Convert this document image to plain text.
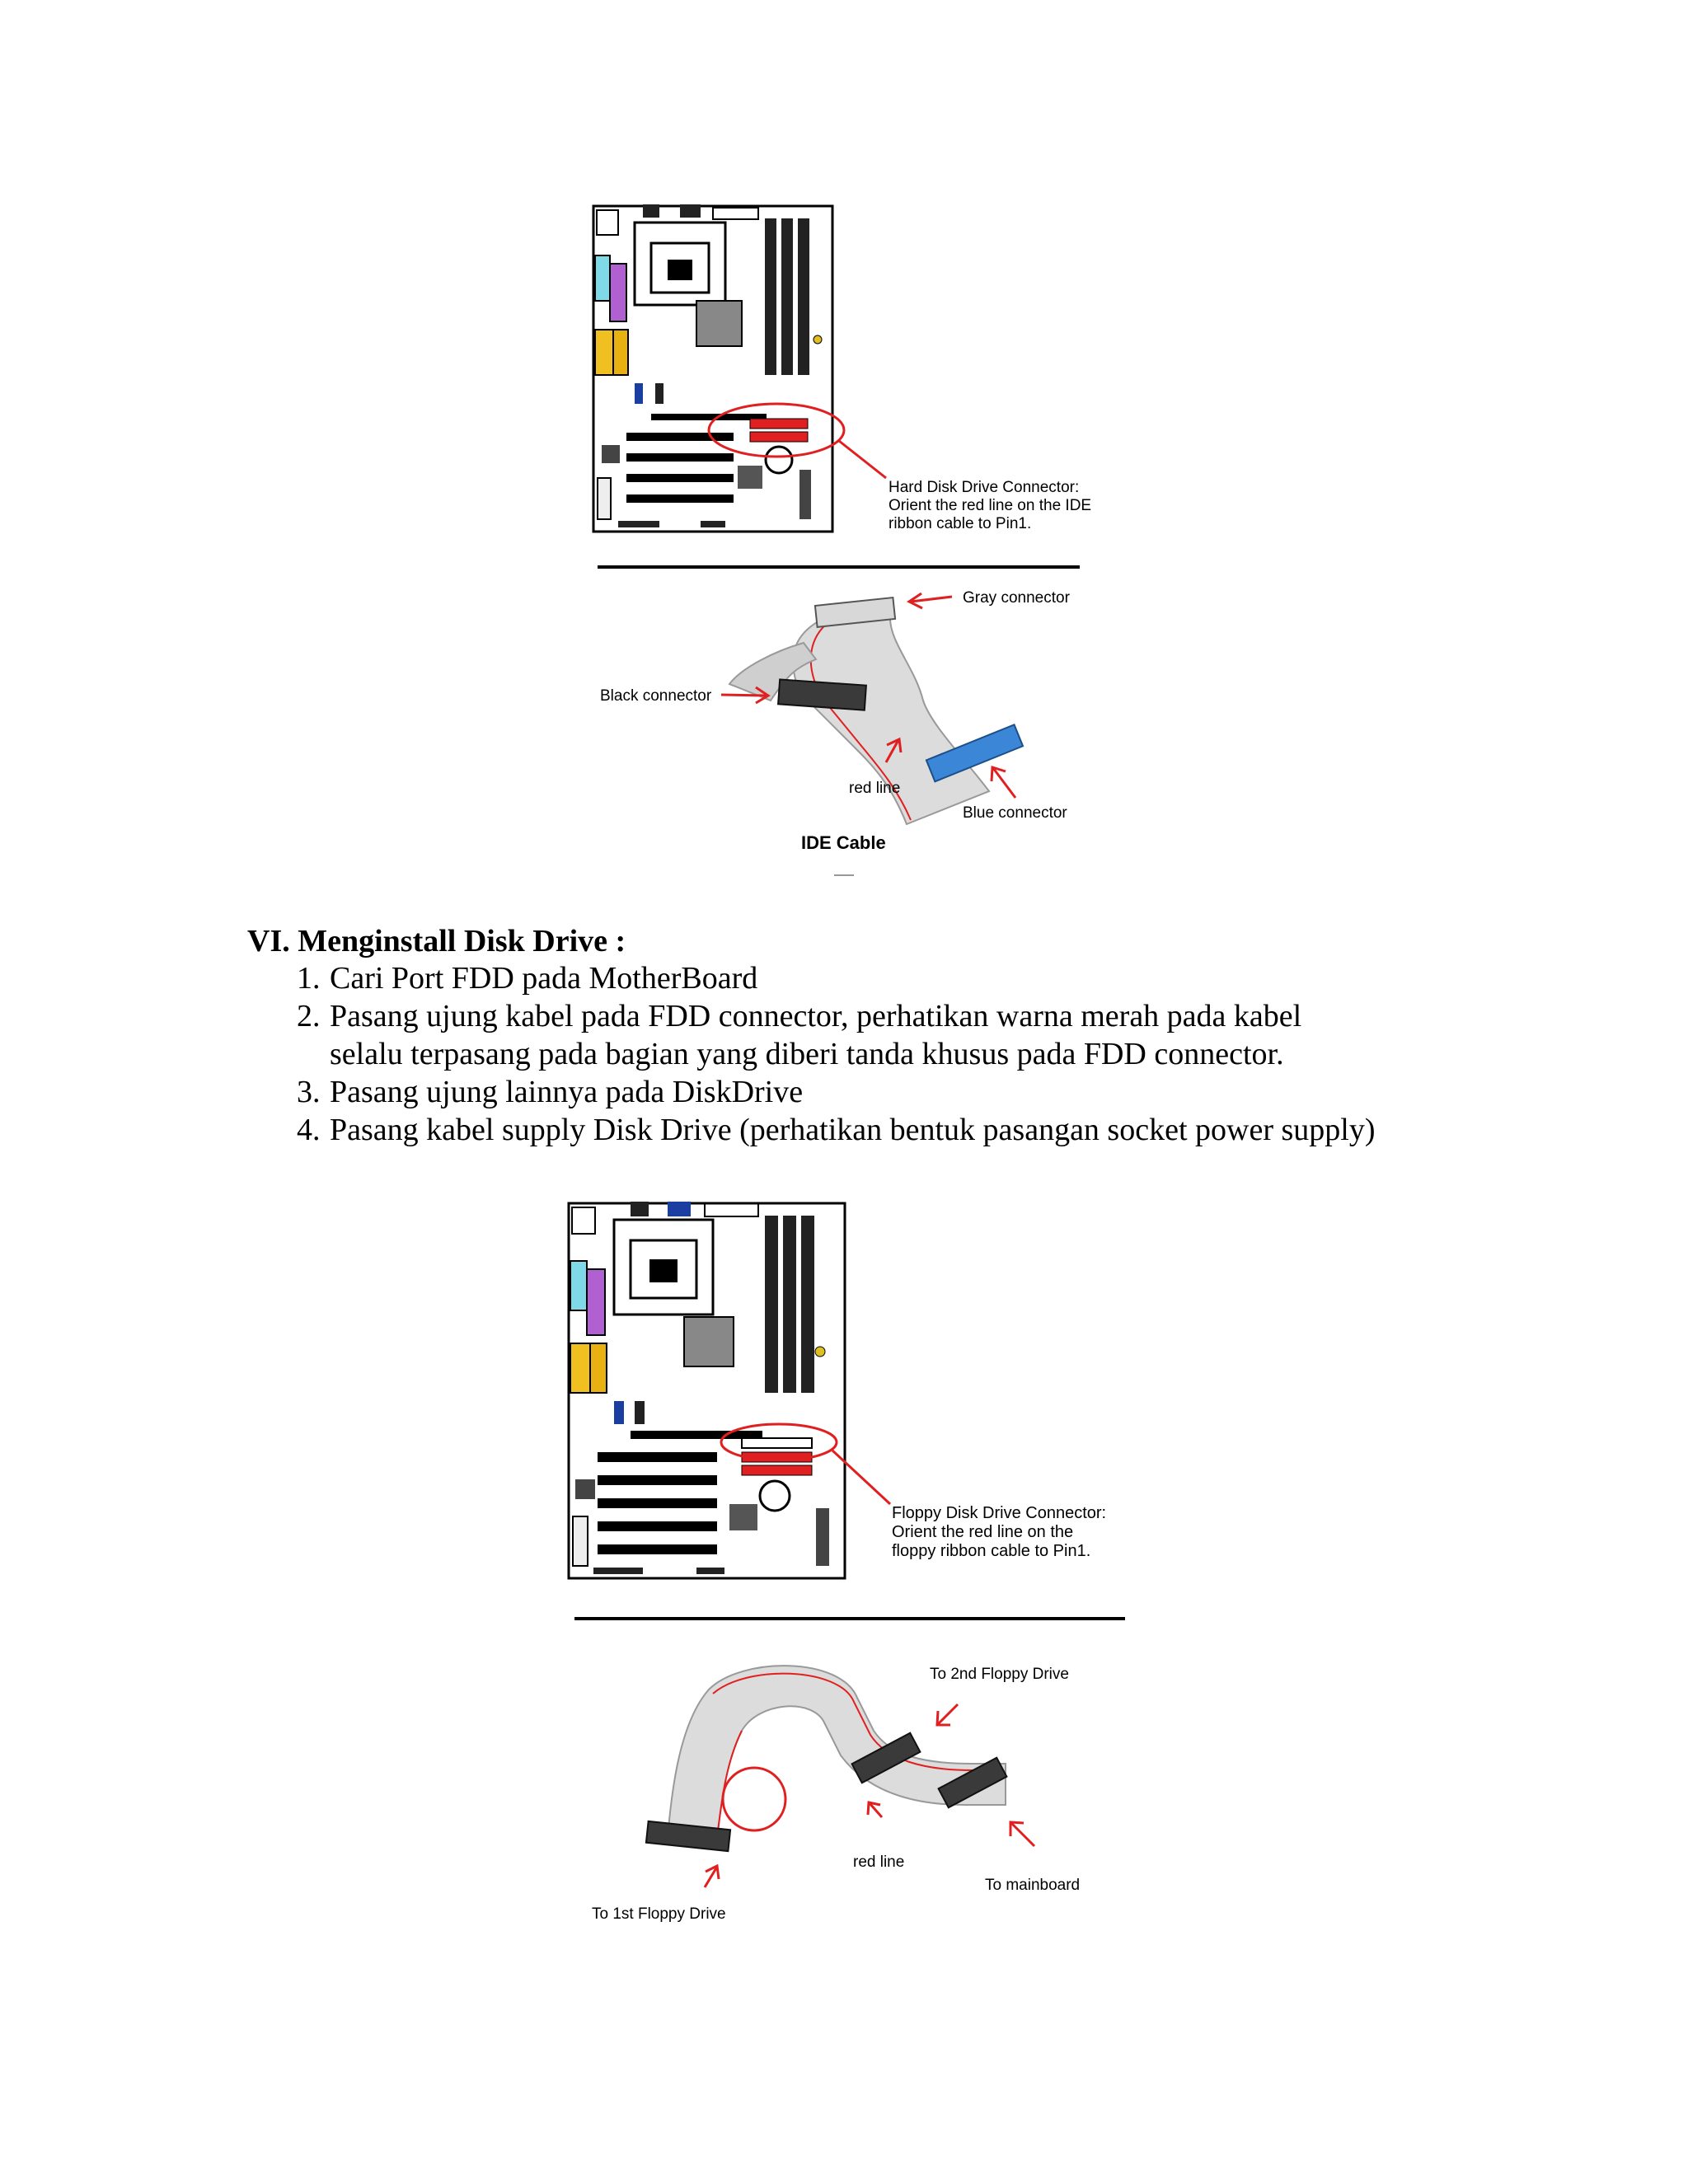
Hard Disk Drive Connector:
Orient the red line on the IDE
ribbon cable to Pin1.
Gray connector
Black connector
red line
Blue connector
IDE Cable
VI. Menginstall Disk Drive :
1. Cari Port FDD pada MotherBoard
2. Pasang ujung kabel pada FDD connector, perhatikan warna merah pada kabel
selalu terpasang pada bagian yang diberi tanda khusus pada FDD connector.
3. Pasang ujung lainnya pada DiskDrive
4. Pasang kabel supply Disk Drive (perhatikan bentuk pasangan socket power supply)
Floppy Disk Drive Connector:
Orient the red line on the
floppy ribbon cable to Pin1.
To 2nd Floppy Drive
red line
To mainboard
To 1st Floppy Drive
